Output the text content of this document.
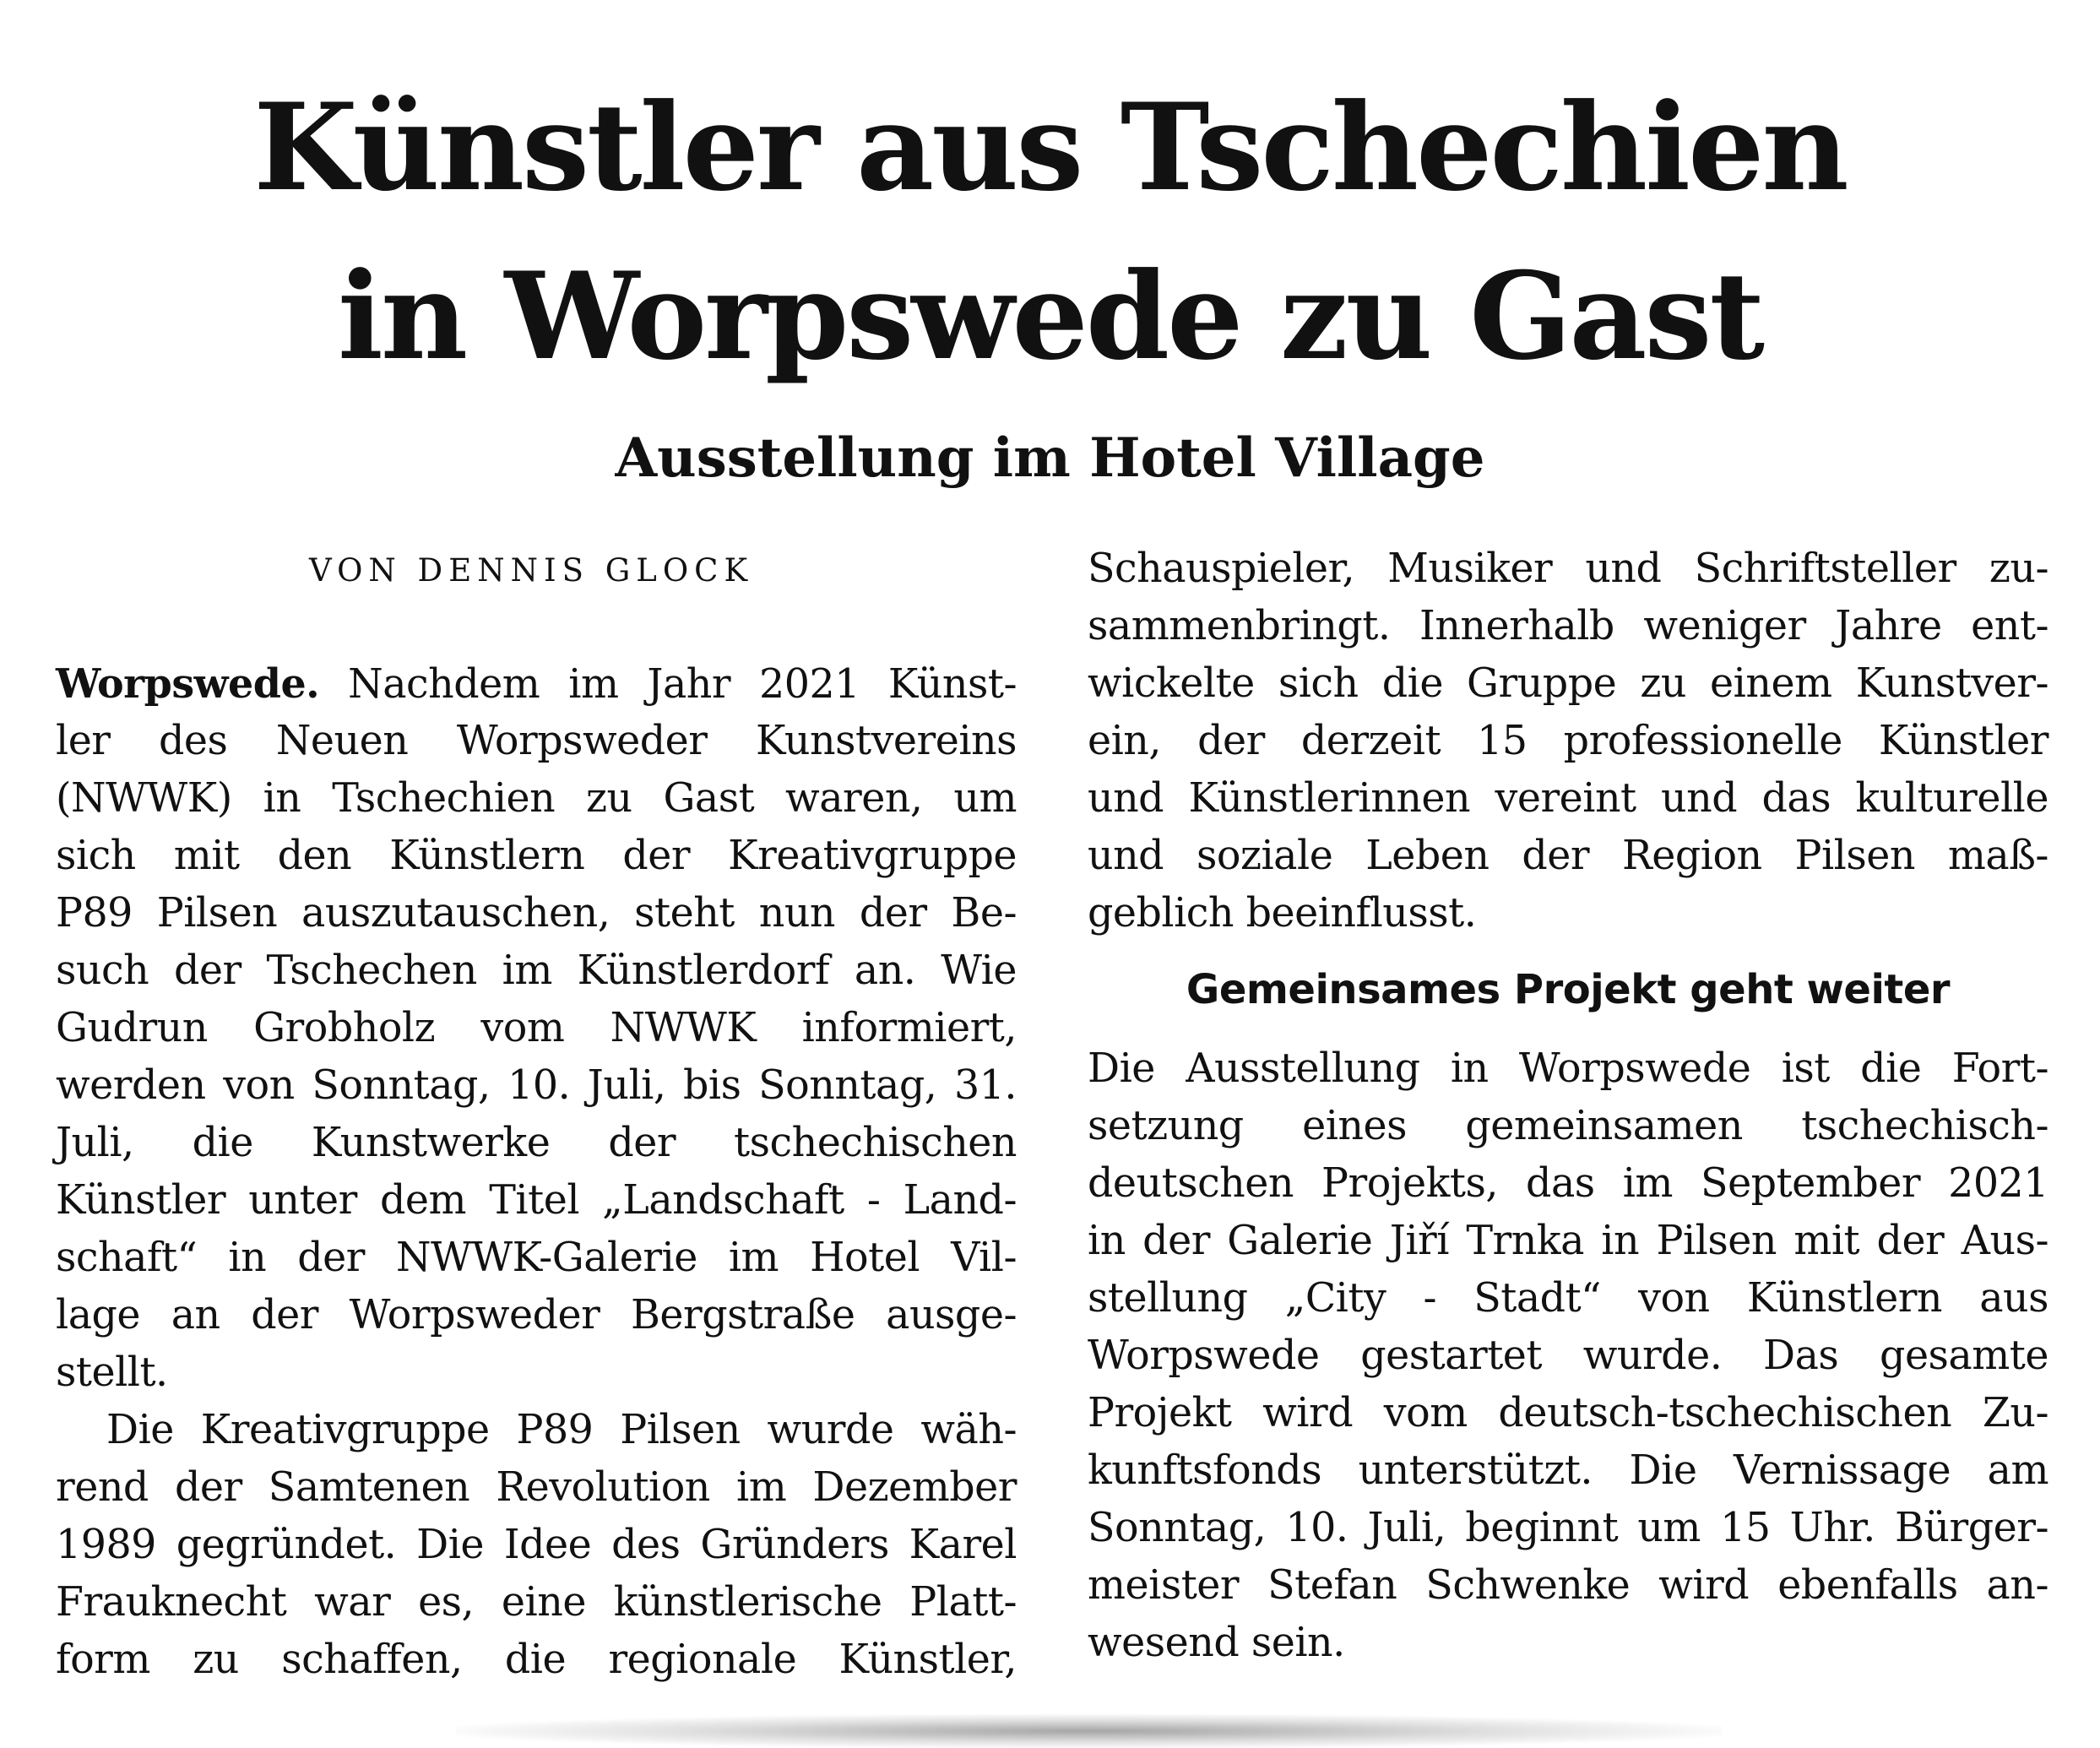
Künstler aus Tschechien
in Worpswede zu Gast
Ausstellung im Hotel Village
VON DENNIS GLOCK
Worpswede. Nachdem im Jahr 2021 Künst-
ler des Neuen Worpsweder Kunstvereins
(NWWK) in Tschechien zu Gast waren, um
sich mit den Künstlern der Kreativgruppe
P89 Pilsen auszutauschen, steht nun der Be-
such der Tschechen im Künstlerdorf an. Wie
Gudrun Grobholz vom NWWK informiert,
werden von Sonntag, 10. Juli, bis Sonntag, 31.
Juli, die Kunstwerke der tschechischen
Künstler unter dem Titel „Landschaft - Land-
schaft“ in der NWWK-Galerie im Hotel Vil-
lage an der Worpsweder Bergstraße ausge-
stellt.
Die Kreativgruppe P89 Pilsen wurde wäh-
rend der Samtenen Revolution im Dezember
1989 gegründet. Die Idee des Gründers Karel
Frauknecht war es, eine künstlerische Platt-
form zu schaffen, die regionale Künstler,
Schauspieler, Musiker und Schriftsteller zu-
sammenbringt. Innerhalb weniger Jahre ent-
wickelte sich die Gruppe zu einem Kunstver-
ein, der derzeit 15 professionelle Künstler
und Künstlerinnen vereint und das kulturelle
und soziale Leben der Region Pilsen maß-
geblich beeinflusst.
Gemeinsames Projekt geht weiter
Die Ausstellung in Worpswede ist die Fort-
setzung eines gemeinsamen tschechisch-
deutschen Projekts, das im September 2021
in der Galerie Jiří Trnka in Pilsen mit der Aus-
stellung „City - Stadt“ von Künstlern aus
Worpswede gestartet wurde. Das gesamte
Projekt wird vom deutsch-tschechischen Zu-
kunftsfonds unterstützt. Die Vernissage am
Sonntag, 10. Juli, beginnt um 15 Uhr. Bürger-
meister Stefan Schwenke wird ebenfalls an-
wesend sein.
